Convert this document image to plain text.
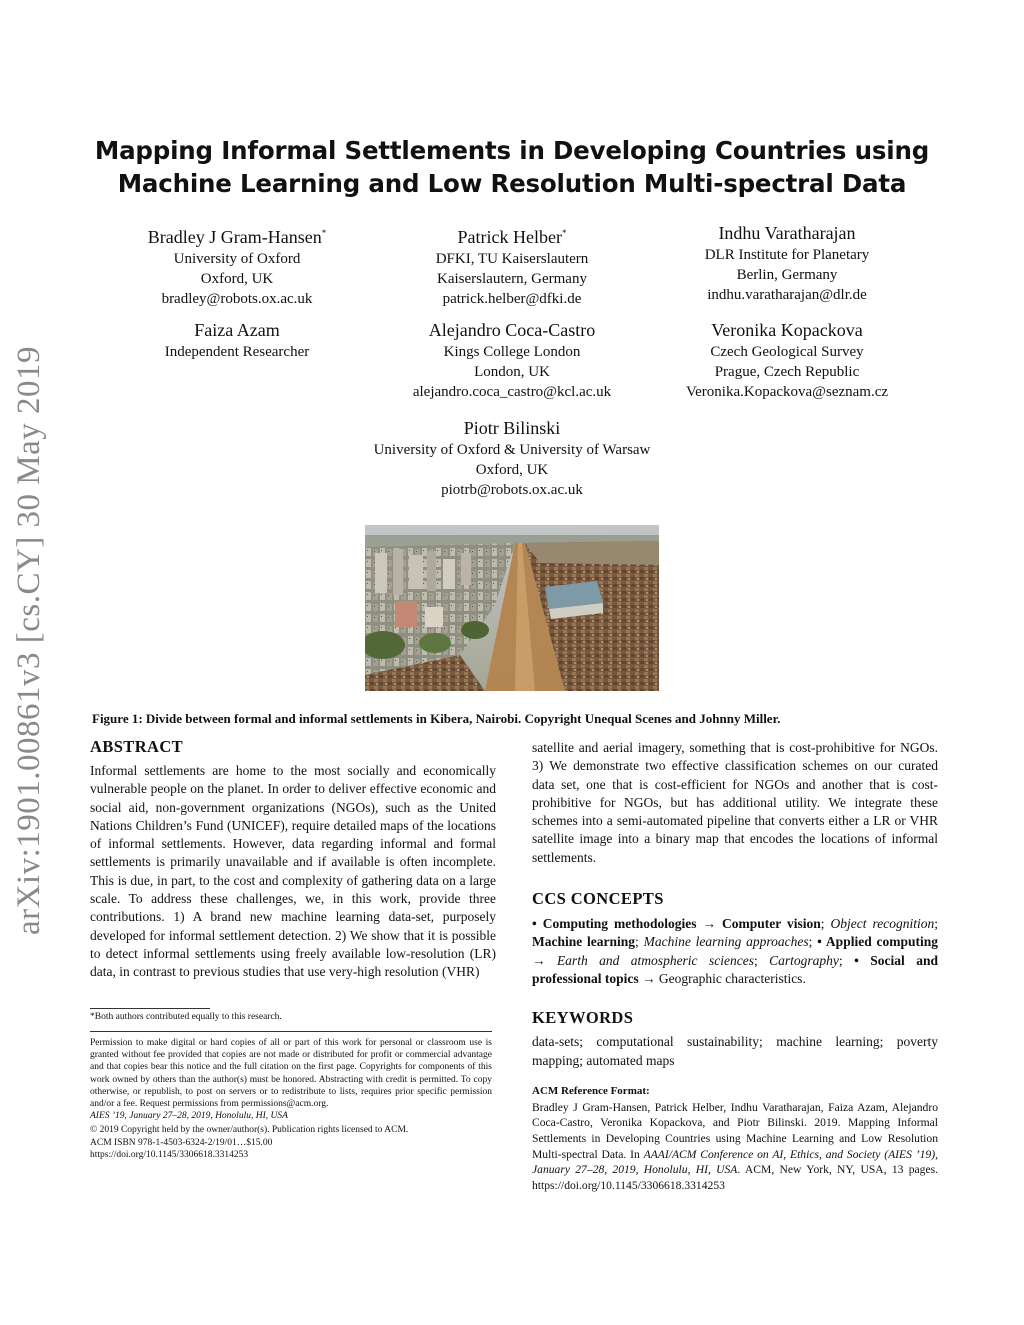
arXiv:1901.00861v3 [cs.CY] 30 May 2019
Mapping Informal Settlements in Developing Countries using
Machine Learning and Low Resolution Multi-spectral Data
Bradley J Gram-Hansen*
University of Oxford
Oxford, UK
bradley@robots.ox.ac.uk
Patrick Helber*
DFKI, TU Kaiserslautern
Kaiserslautern, Germany
patrick.helber@dfki.de
Indhu Varatharajan
DLR Institute for Planetary
Berlin, Germany
indhu.varatharajan@dlr.de
Faiza Azam
Independent Researcher
Alejandro Coca-Castro
Kings College London
London, UK
alejandro.coca_castro@kcl.ac.uk
Veronika Kopackova
Czech Geological Survey
Prague, Czech Republic
Veronika.Kopackova@seznam.cz
Piotr Bilinski
University of Oxford & University of Warsaw
Oxford, UK
piotrb@robots.ox.ac.uk
Figure 1: Divide between formal and informal settlements in Kibera, Nairobi. Copyright Unequal Scenes and Johnny Miller.
ABSTRACT

Informal settlements are home to the most socially and economically vulnerable people on the planet. In order to deliver effective economic and social aid, non-government organizations (NGOs), such as the United Nations Children’s Fund (UNICEF), require detailed maps of the locations of informal settlements. However, data regarding informal and formal settlements is primarily unavailable and if available is often incomplete. This is due, in part, to the cost and complexity of gathering data on a large scale. To address these challenges, we, in this work, provide three contributions. 1) A brand new machine learning data-set, purposely developed for informal settlement detection. 2) We show that it is possible to detect informal settlements using freely available low-resolution (LR) data, in contrast to previous studies that use very-high resolution (VHR)

*Both authors contributed equally to this research.

Permission to make digital or hard copies of all or part of this work for personal or classroom use is granted without fee provided that copies are not made or distributed for profit or commercial advantage and that copies bear this notice and the full citation on the first page. Copyrights for components of this work owned by others than the author(s) must be honored. Abstracting with credit is permitted. To copy otherwise, or republish, to post on servers or to redistribute to lists, requires prior specific permission and/or a fee. Request permissions from permissions@acm.org.

AIES ’19, January 27–28, 2019, Honolulu, HI, USA

© 2019 Copyright held by the owner/author(s). Publication rights licensed to ACM.

ACM ISBN 978-1-4503-6324-2/19/01…$15.00

https://doi.org/10.1145/3306618.3314253

satellite and aerial imagery, something that is cost-prohibitive for NGOs. 3) We demonstrate two effective classification schemes on our curated data set, one that is cost-efficient for NGOs and another that is cost-prohibitive for NGOs, but has additional utility. We integrate these schemes into a semi-automated pipeline that converts either a LR or VHR satellite image into a binary map that encodes the locations of informal settlements.

CCS CONCEPTS

• Computing methodologies → Computer vision; Object recognition; Machine learning; Machine learning approaches; • Applied computing → Earth and atmospheric sciences; Cartography; • Social and professional topics → Geographic characteristics.

KEYWORDS

data-sets; computational sustainability; machine learning; poverty mapping; automated maps

ACM Reference Format:

Bradley J Gram-Hansen, Patrick Helber, Indhu Varatharajan, Faiza Azam, Alejandro Coca-Castro, Veronika Kopackova, and Piotr Bilinski. 2019. Mapping Informal Settlements in Developing Countries using Machine Learning and Low Resolution Multi-spectral Data. In AAAI/ACM Conference on AI, Ethics, and Society (AIES ’19), January 27–28, 2019, Honolulu, HI, USA. ACM, New York, NY, USA, 13 pages. https://doi.org/10.1145/3306618.3314253
